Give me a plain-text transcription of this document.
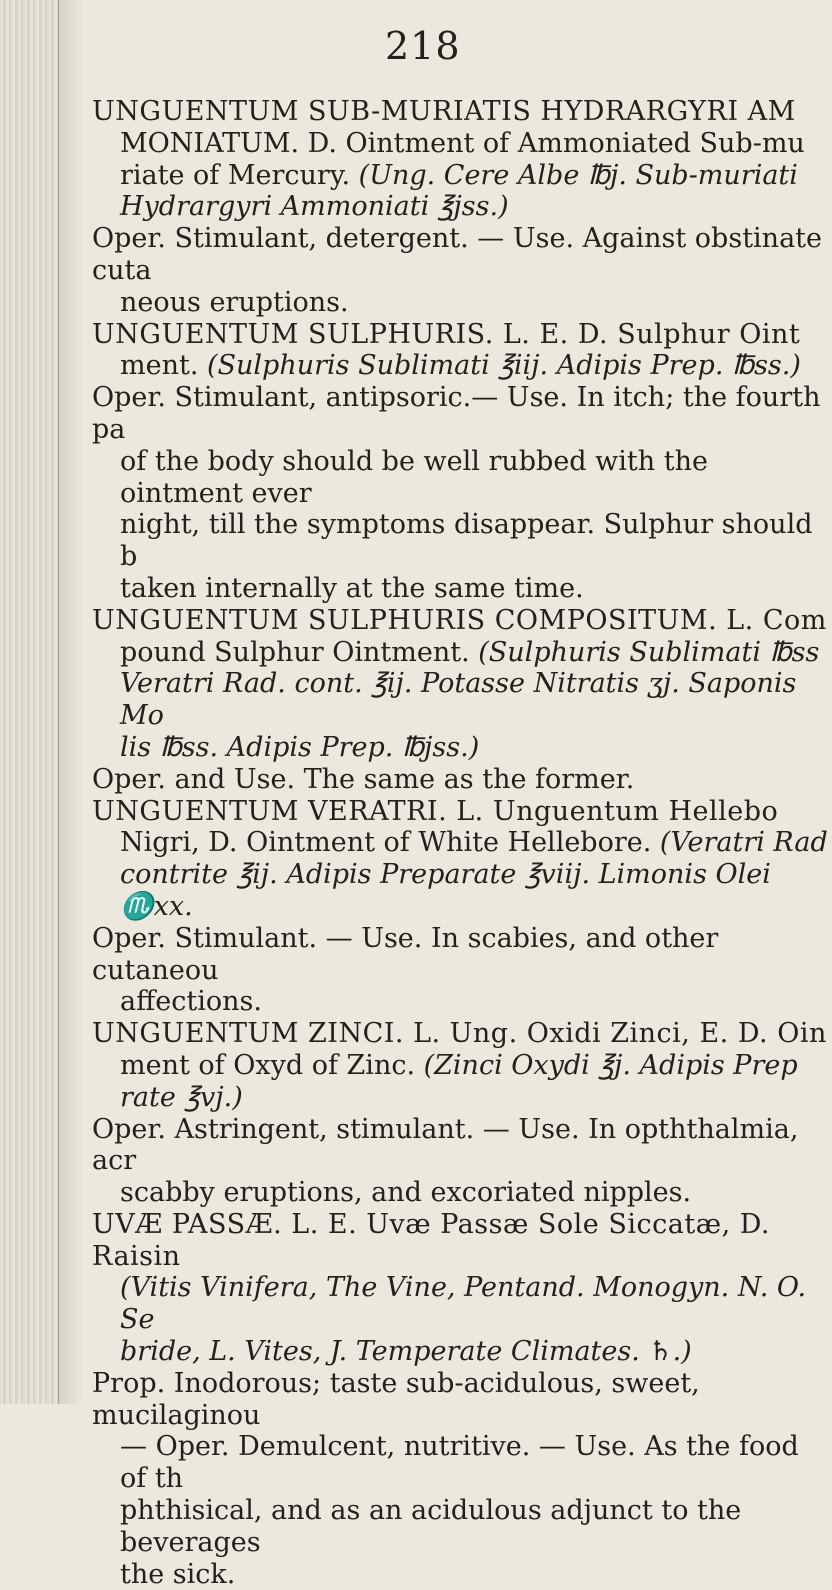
218
UNGUENTUM SUB-MURIATIS HYDRARGYRI AM
MONIATUM. D. Ointment of Ammoniated Sub-mu
riate of Mercury. (Ung. Cere Albe ℔j. Sub-muriati
Hydrargyri Ammoniati ℥jss.)
Oper. Stimulant, detergent. — Use. Against obstinate cuta
neous eruptions.
UNGUENTUM SULPHURIS. L. E. D. Sulphur Oint
ment. (Sulphuris Sublimati ℥iij. Adipis Prep. ℔ss.)
Oper. Stimulant, antipsoric.— Use. In itch; the fourth pa
of the body should be well rubbed with the ointment ever
night, till the symptoms disappear. Sulphur should b
taken internally at the same time.
UNGUENTUM SULPHURIS COMPOSITUM. L. Com
pound Sulphur Ointment. (Sulphuris Sublimati ℔ss
Veratri Rad. cont. ℥ij. Potasse Nitratis ʒj. Saponis Mo
lis ℔ss. Adipis Prep. ℔jss.)
Oper. and Use. The same as the former.
UNGUENTUM VERATRI. L. Unguentum Hellebo
Nigri, D. Ointment of White Hellebore. (Veratri Rad
contrite ℥ij. Adipis Preparate ℥viij. Limonis Olei ♏xx.
Oper. Stimulant. — Use. In scabies, and other cutaneou
affections.
UNGUENTUM ZINCI. L. Ung. Oxidi Zinci, E. D. Oin
ment of Oxyd of Zinc. (Zinci Oxydi ℥j. Adipis Prep
rate ℥vj.)
Oper. Astringent, stimulant. — Use. In opththalmia, acr
scabby eruptions, and excoriated nipples.
UVÆ PASSÆ. L. E. Uvæ Passæ Sole Siccatæ, D. Raisin
(Vitis Vinifera, The Vine, Pentand. Monogyn. N. O. Se
bride, L. Vites, J. Temperate Climates. ♄.)
Prop. Inodorous; taste sub-acidulous, sweet, mucilaginou
— Oper. Demulcent, nutritive. — Use. As the food of th
phthisical, and as an acidulous adjunct to the beverages
the sick.
